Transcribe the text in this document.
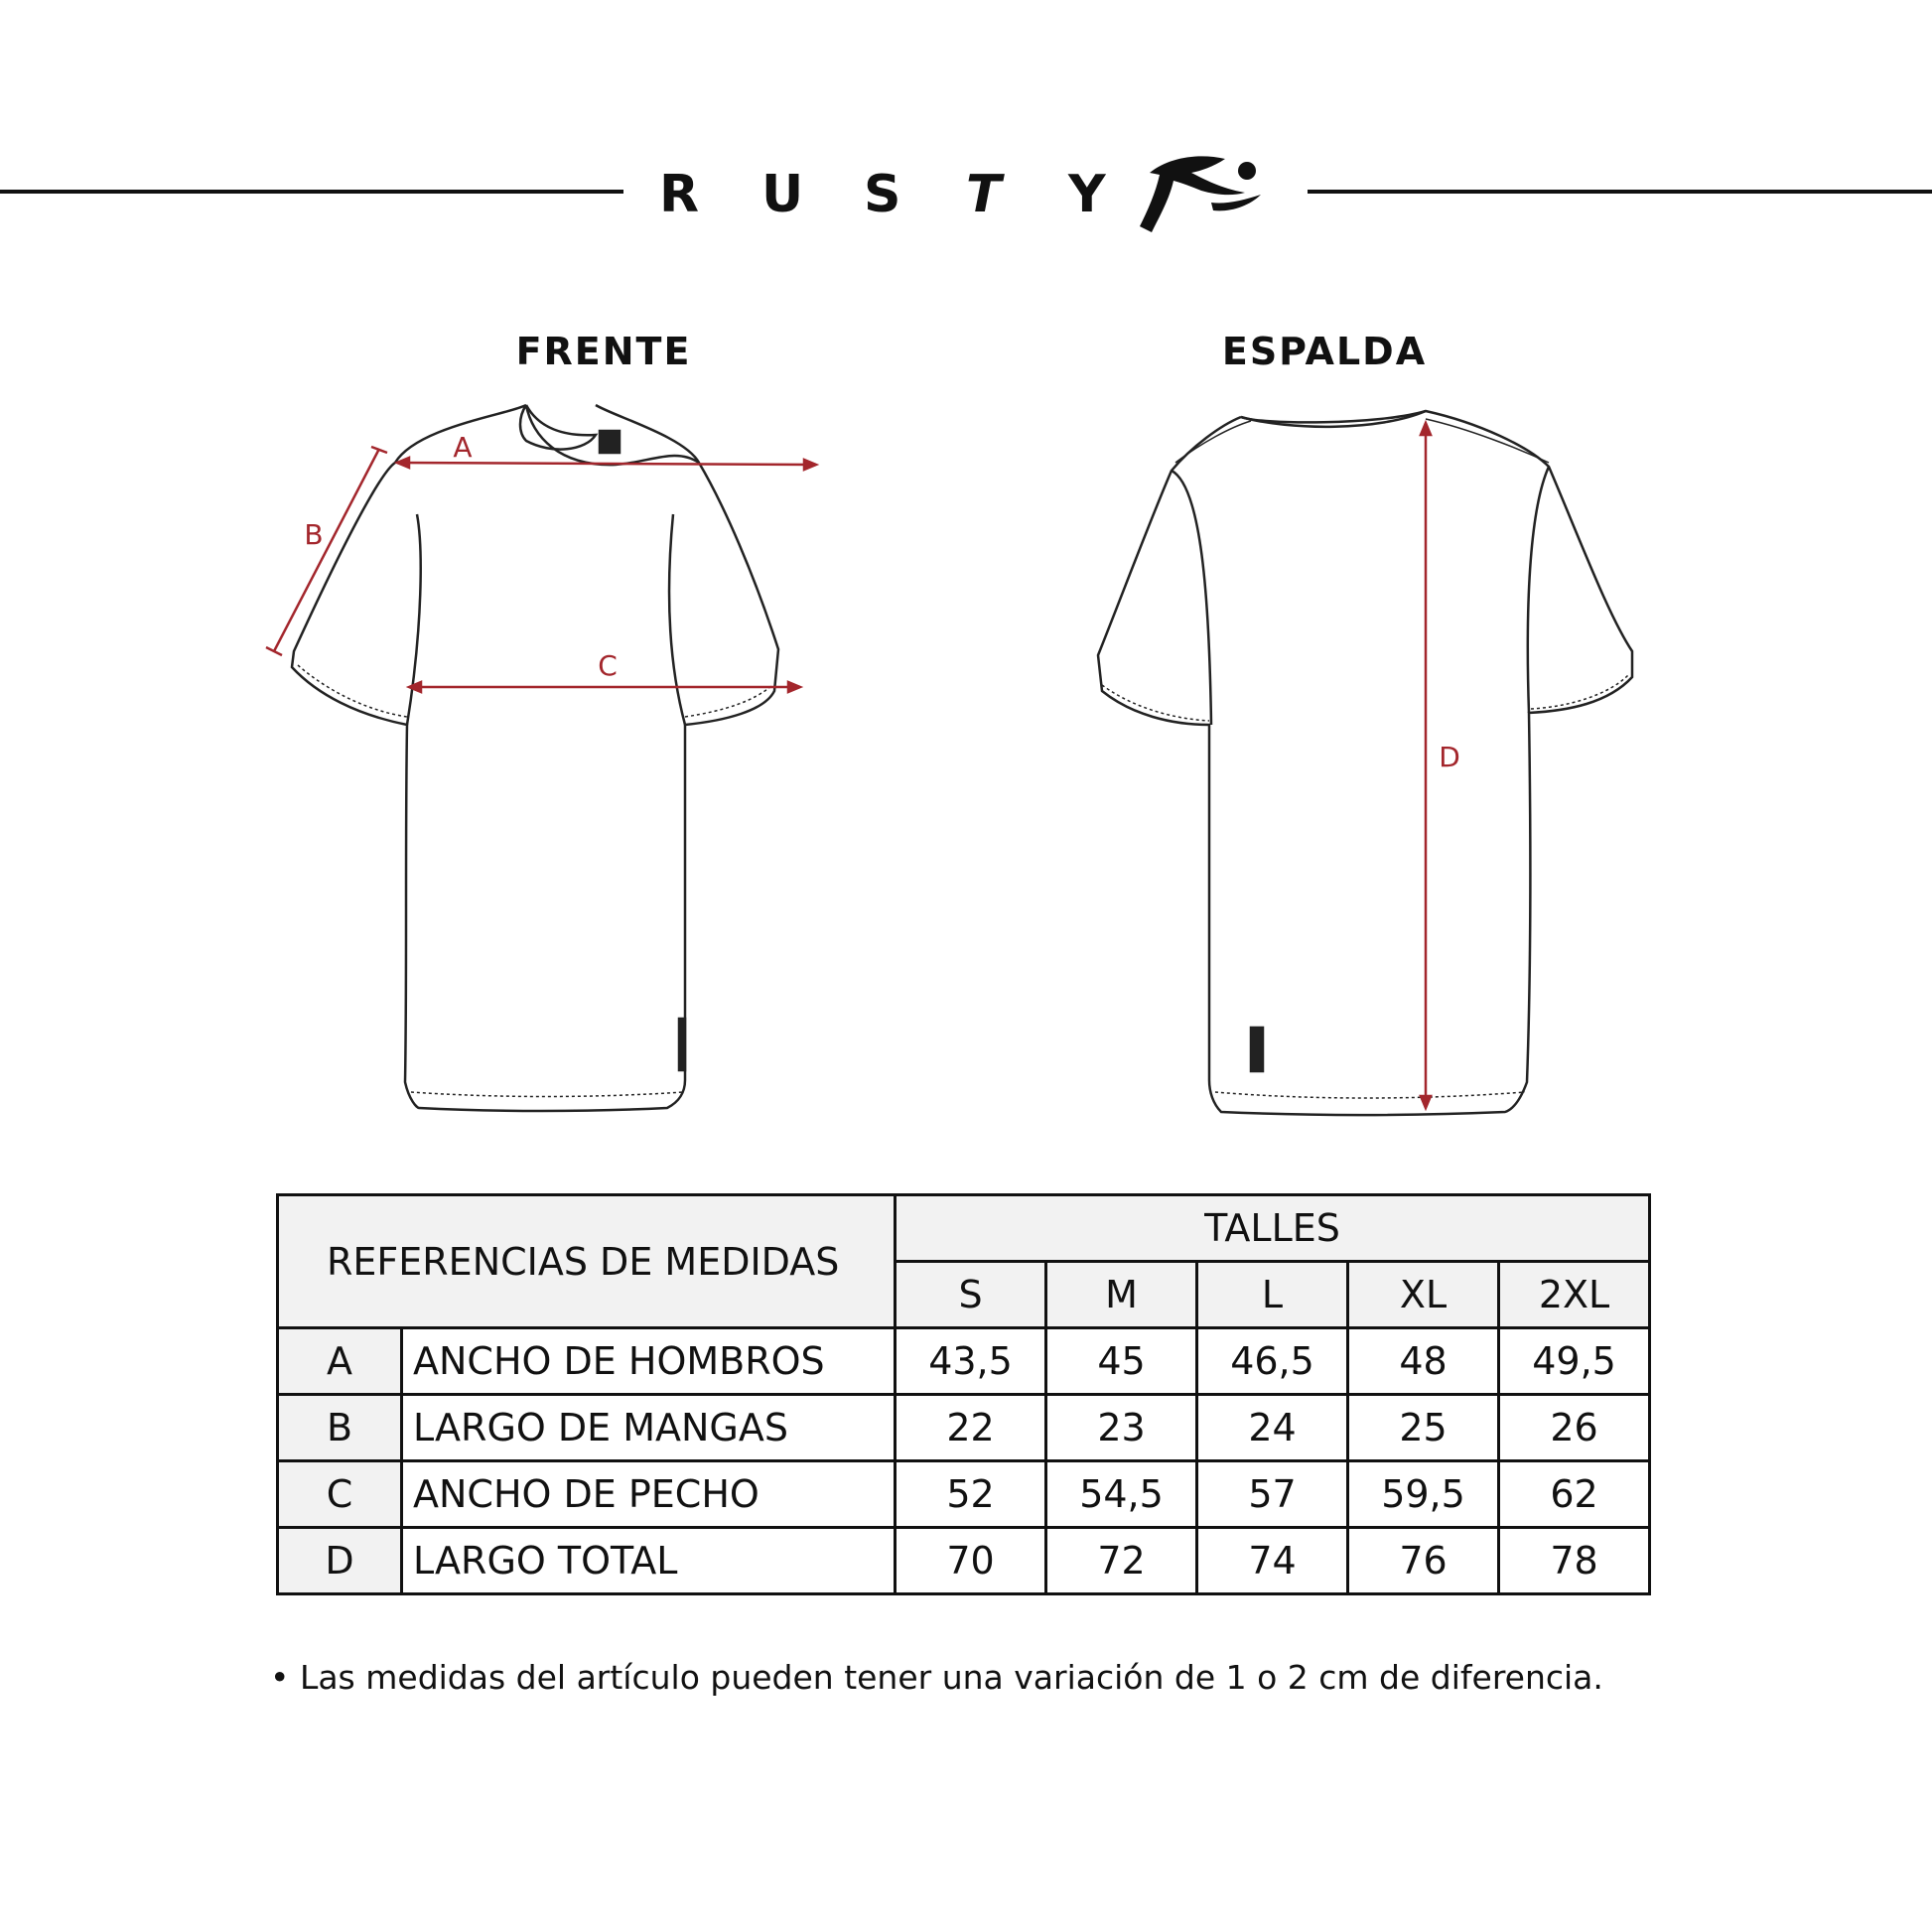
R	U	S	T	Y
FRENTE	ESPALDA
A
B
C
D
REFERENCIAS DE MEDIDAS		TALLES				
		S	M	L	XL	2XL
A	ANCHO DE HOMBROS	43,5	45	46,5	48	49,5
B	LARGO DE MANGAS	22	23	24	25	26
C	ANCHO DE PECHO	52	54,5	57	59,5	62
D	LARGO TOTAL	70	72	74	76	78
• Las medidas del artículo pueden tener una variación de 1 o 2 cm de diferencia.
